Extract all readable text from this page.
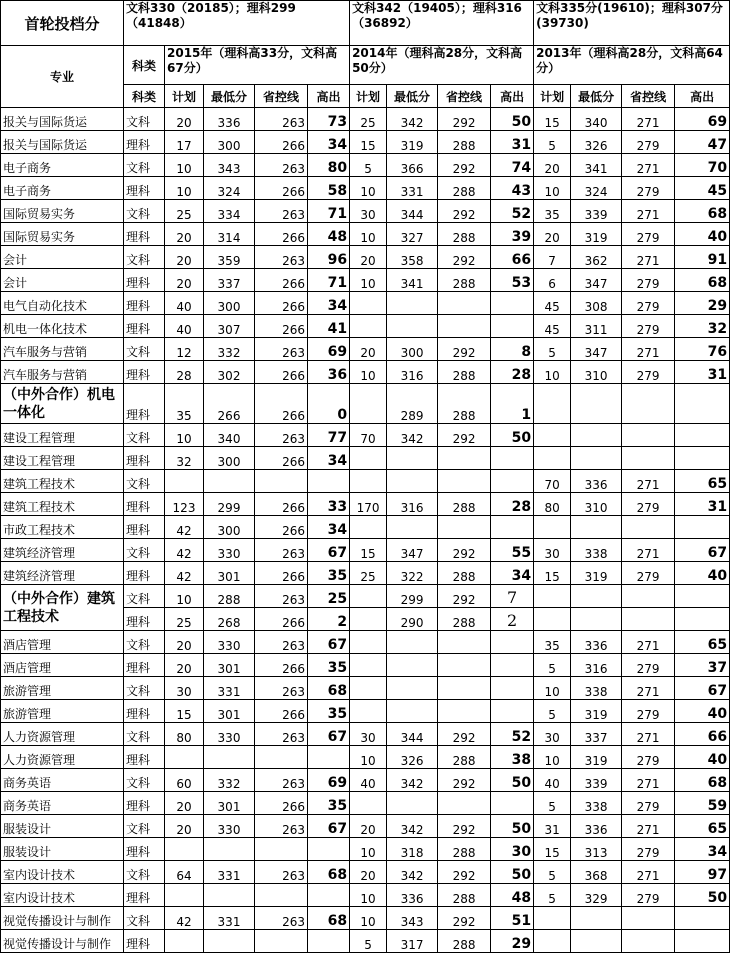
首轮投档分	文科330（20185）；理科299（41848）					文科342（19405）；理科316（36892）				文科335分(19610)；理科307分(39730)			
专业	科类	2015年（理科高33分，文科高67分）				2014年（理科高28分，文科高50分）				2013年（理科高28分，文科高64分）			
	科类	计划	最低分	省控线	高出	计划	最低分	省控线	高出	计划	最低分	省控线	高出
报关与国际货运	文科	20	336	263	73	25	342	292	50	15	340	271	69
报关与国际货运	理科	17	300	266	34	15	319	288	31	5	326	279	47
电子商务	文科	10	343	263	80	5	366	292	74	20	341	271	70
电子商务	理科	10	324	266	58	10	331	288	43	10	324	279	45
国际贸易实务	文科	25	334	263	71	30	344	292	52	35	339	271	68
国际贸易实务	理科	20	314	266	48	10	327	288	39	20	319	279	40
会计	文科	20	359	263	96	20	358	292	66	7	362	271	91
会计	理科	20	337	266	71	10	341	288	53	6	347	279	68
电气自动化技术	理科	40	300	266	34					45	308	279	29
机电一体化技术	理科	40	307	266	41					45	311	279	32
汽车服务与营销	文科	12	332	263	69	20	300	292	8	5	347	271	76
汽车服务与营销	理科	28	302	266	36	10	316	288	28	10	310	279	31
（中外合作）机电一体化	理科	35	266	266	0		289	288	1				
建设工程管理	文科	10	340	263	77	70	342	292	50				
建设工程管理	理科	32	300	266	34								
建筑工程技术	文科									70	336	271	65
建筑工程技术	理科	123	299	266	33	170	316	288	28	80	310	279	31
市政工程技术	理科	42	300	266	34								
建筑经济管理	文科	42	330	263	67	15	347	292	55	30	338	271	67
建筑经济管理	理科	42	301	266	35	25	322	288	34	15	319	279	40
（中外合作）建筑工程技术	文科	10	288	263	25		299	292	7				
	理科	25	268	266	2		290	288	2				
酒店管理	文科	20	330	263	67					35	336	271	65
酒店管理	理科	20	301	266	35					5	316	279	37
旅游管理	文科	30	331	263	68					10	338	271	67
旅游管理	理科	15	301	266	35					5	319	279	40
人力资源管理	文科	80	330	263	67	30	344	292	52	30	337	271	66
人力资源管理	理科					10	326	288	38	10	319	279	40
商务英语	文科	60	332	263	69	40	342	292	50	40	339	271	68
商务英语	理科	20	301	266	35					5	338	279	59
服装设计	文科	20	330	263	67	20	342	292	50	31	336	271	65
服装设计	理科					10	318	288	30	15	313	279	34
室内设计技术	文科	64	331	263	68	20	342	292	50	5	368	271	97
室内设计技术	理科					10	336	288	48	5	329	279	50
视觉传播设计与制作	文科	42	331	263	68	10	343	292	51				
视觉传播设计与制作	理科					5	317	288	29				
